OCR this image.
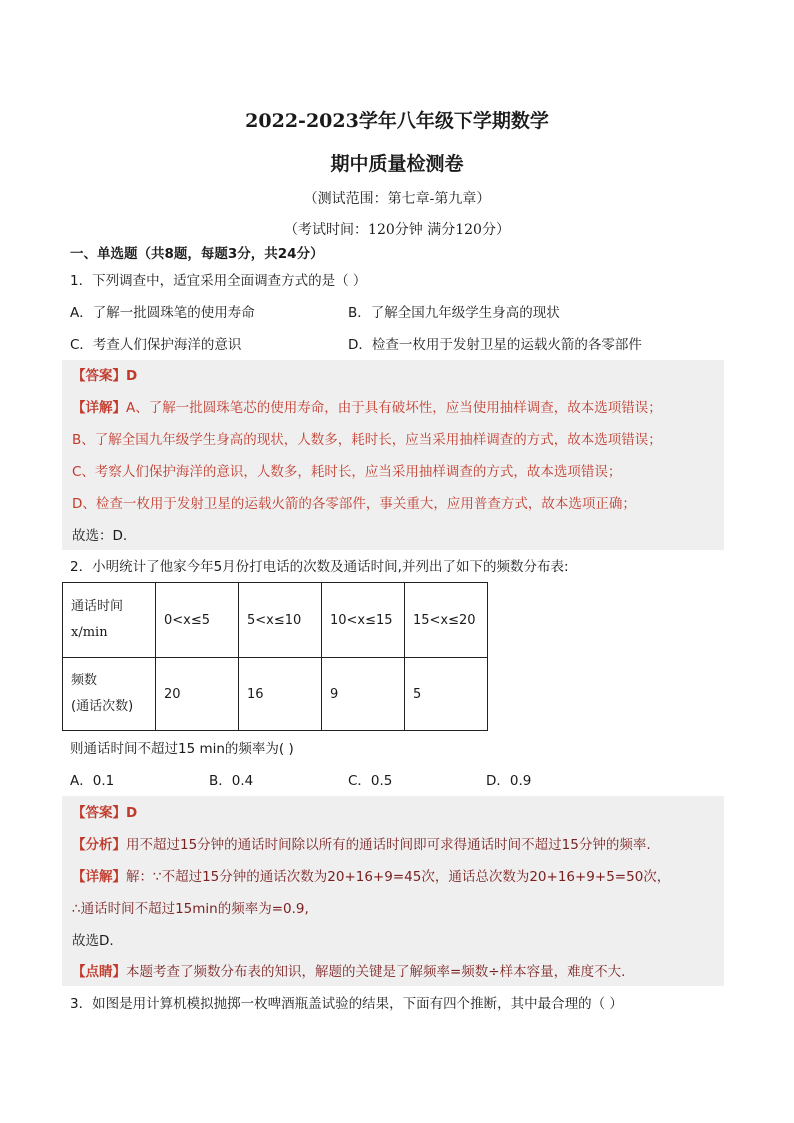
2022-2023学年八年级下学期数学
期中质量检测卷
（测试范围：第七章-第九章）
（考试时间：120分钟 满分120分）
一、单选题（共8题，每题3分，共24分）
1．下列调查中，适宜采用全面调查方式的是（ ）
A．了解一批圆珠笔的使用寿命	B．了解全国九年级学生身高的现状
C．考查人们保护海洋的意识	D．检查一枚用于发射卫星的运载火箭的各零部件
【答案】D
【详解】A、了解一批圆珠笔芯的使用寿命，由于具有破坏性，应当使用抽样调查，故本选项错误；
B、了解全国九年级学生身高的现状，人数多，耗时长，应当采用抽样调查的方式，故本选项错误；
C、考察人们保护海洋的意识，人数多，耗时长，应当采用抽样调查的方式，故本选项错误；
D、检查一枚用于发射卫星的运载火箭的各零部件，事关重大，应用普查方式，故本选项正确；
故选：D.
2．小明统计了他家今年5月份打电话的次数及通话时间,并列出了如下的频数分布表:
通话时间
x/min	0<x≤5	5<x≤10	10<x≤15	15<x≤20

频数
(通话次数)	20	16	9	5
则通话时间不超过15 min的频率为( )
A．0.1	B．0.4	C．0.5	D．0.9
【答案】D
【分析】用不超过15分钟的通话时间除以所有的通话时间即可求得通话时间不超过15分钟的频率.
【详解】解：∵不超过15分钟的通话次数为20+16+9=45次，通话总次数为20+16+9+5=50次，
∴通话时间不超过15min的频率为=0.9,
故选D.
【点睛】本题考查了频数分布表的知识，解题的关键是了解频率=频数÷样本容量，难度不大.
3．如图是用计算机模拟抛掷一枚啤酒瓶盖试验的结果，下面有四个推断，其中最合理的（ ）
